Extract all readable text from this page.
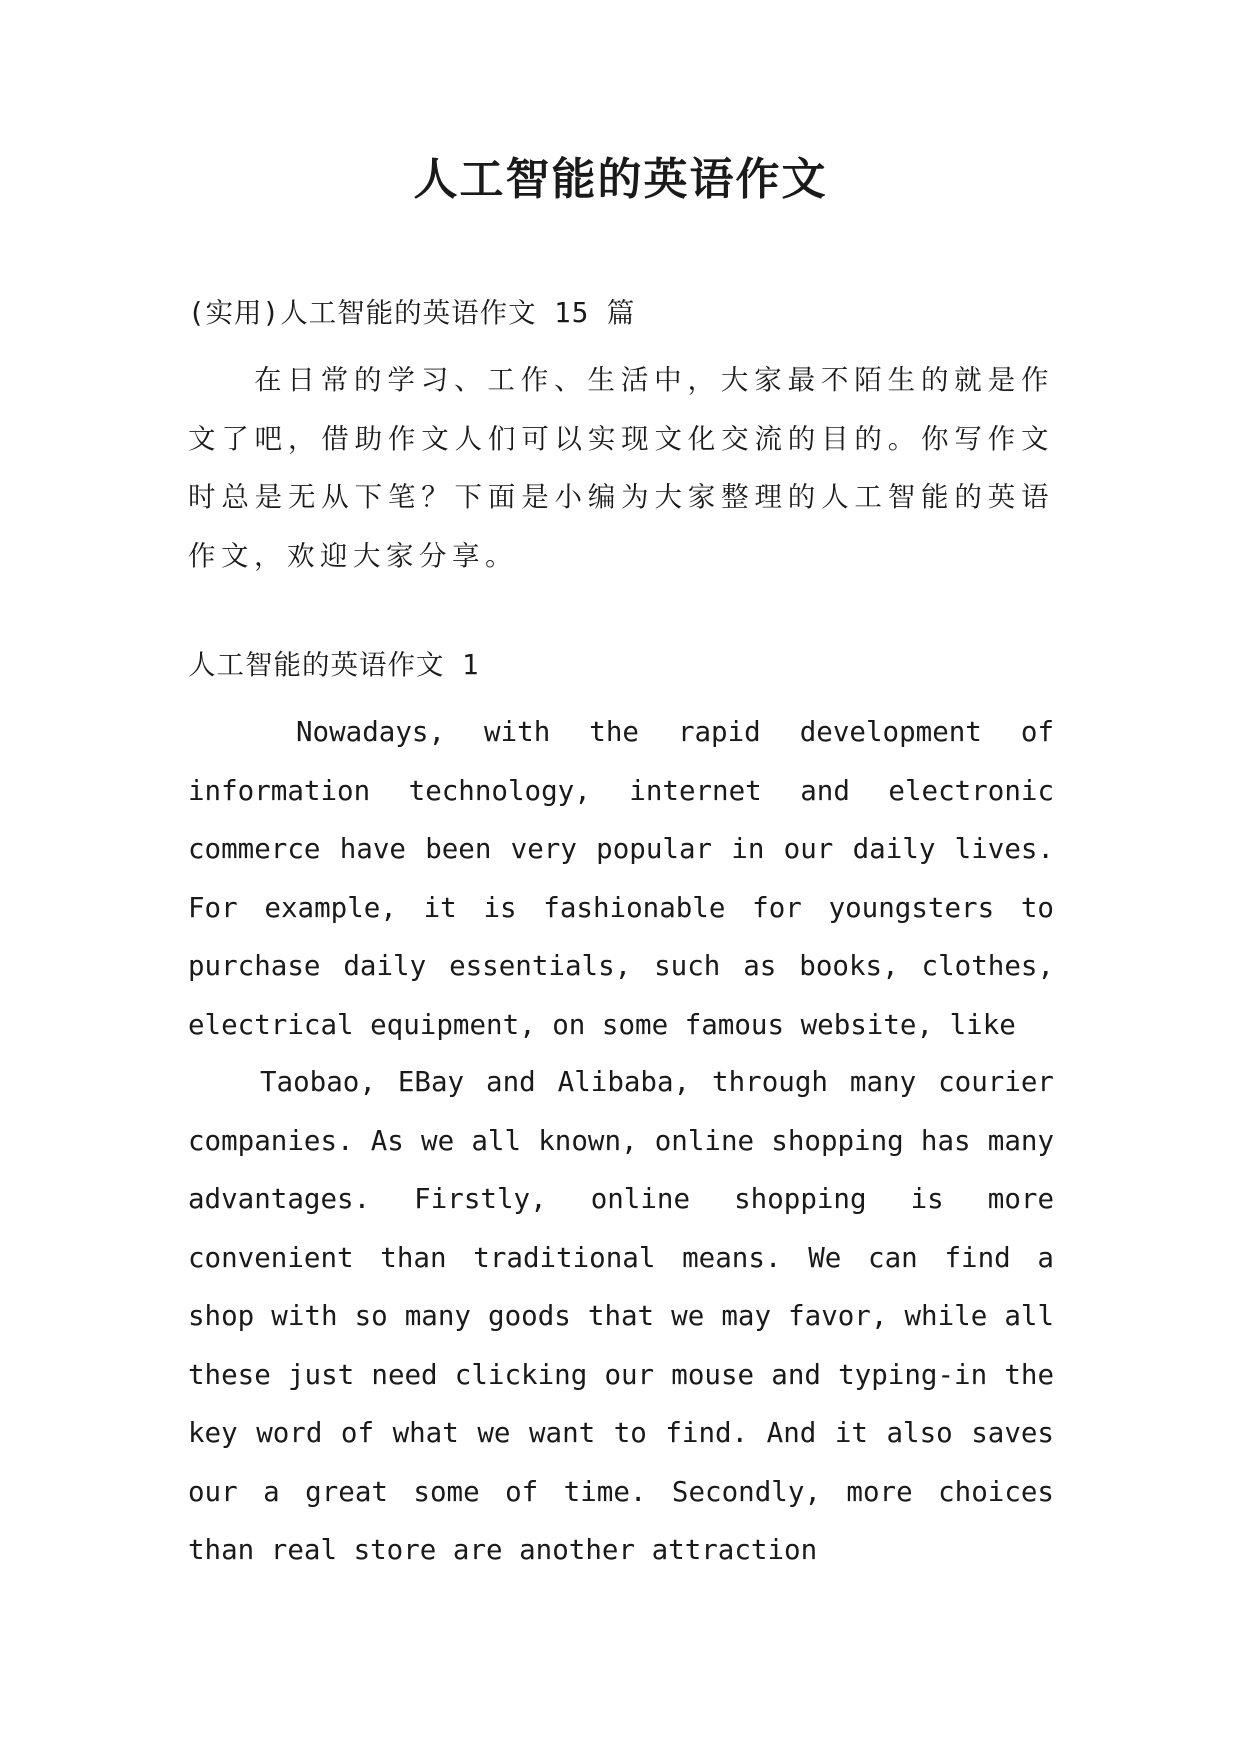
人工智能的英语作文

(实用)人工智能的英语作文 15 篇

在日常的学习、工作、生活中，大家最不陌生的就是作文了吧，借助作文人们可以实现文化交流的目的。你写作文时总是无从下笔？下面是小编为大家整理的人工智能的英语作文，欢迎大家分享。

人工智能的英语作文 1

Nowadays, with the rapid development of information technology, internet and electronic commerce have been very popular in our daily lives. For example, it is fashionable for youngsters to purchase daily essentials, such as books, clothes, electrical equipment, on some famous website, like

Taobao, EBay and Alibaba, through many courier companies. As we all known, online shopping has many advantages. Firstly, online shopping is more convenient than traditional means. We can find a shop with so many goods that we may favor, while all these just need clicking our mouse and typing-in the key word of what we want to find. And it also saves our a great some of time. Secondly, more choices than real store are another attraction
